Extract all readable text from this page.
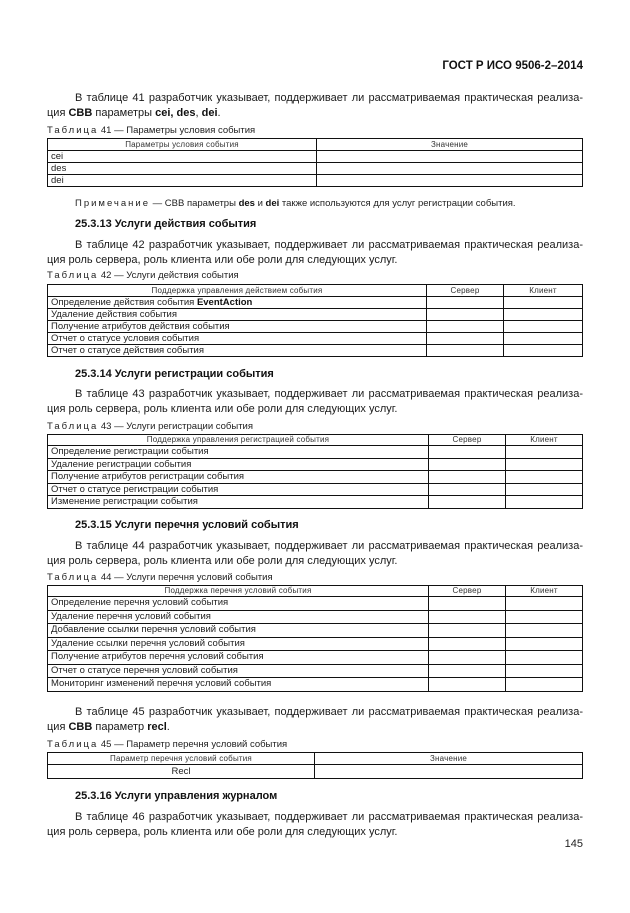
ГОСТ Р ИСО 9506-2–2014
В таблице 41 разработчик указывает, поддерживает ли рассматриваемая практическая реализа-ция CBB параметры cei, des, dei.
Таблица 41 — Параметры условия события
Параметры условия события	Значение
cei	
des	
dei	
Примечание — CBB параметры des и dei также используются для услуг регистрации события.
25.3.13 Услуги действия события
В таблице 42 разработчик указывает, поддерживает ли рассматриваемая практическая реализа-ция роль сервера, роль клиента или обе роли для следующих услуг.
Таблица 42 — Услуги действия события
Поддержка управления действием события	Сервер	Клиент
Определение действия события EventAction		
Удаление действия события		
Получение атрибутов действия события		
Отчет о статусе условия события		
Отчет о статусе действия события		
25.3.14 Услуги регистрации события
В таблице 43 разработчик указывает, поддерживает ли рассматриваемая практическая реализа-ция роль сервера, роль клиента или обе роли для следующих услуг.
Таблица 43 — Услуги регистрации события
Поддержка управления регистрацией события	Сервер	Клиент
Определение регистрации события		
Удаление регистрации события		
Получение атрибутов регистрации события		
Отчет о статусе регистрации события		
Изменение регистрации события		
25.3.15 Услуги перечня условий события
В таблице 44 разработчик указывает, поддерживает ли рассматриваемая практическая реализа-ция роль сервера, роль клиента или обе роли для следующих услуг.
Таблица 44 — Услуги перечня условий события
Поддержка перечня условий события	Сервер	Клиент
Определение перечня условий события		
Удаление перечня условий события		
Добавление ссылки перечня условий события		
Удаление ссылки перечня условий события		
Получение атрибутов перечня условий события		
Отчет о статусе перечня условий события		
Мониторинг изменений перечня условий события		
В таблице 45 разработчик указывает, поддерживает ли рассматриваемая практическая реализа-ция CBB параметр recl.
Таблица 45 — Параметр перечня условий события
Параметр перечня условий события	Значение
Recl	
25.3.16 Услуги управления журналом
В таблице 46 разработчик указывает, поддерживает ли рассматриваемая практическая реализа-ция роль сервера, роль клиента или обе роли для следующих услуг.
145
